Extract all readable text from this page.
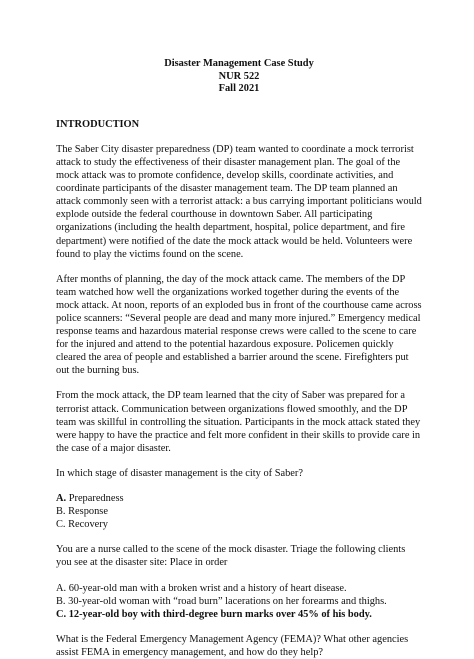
Disaster Management Case Study
NUR 522
Fall 2021
INTRODUCTION

The Saber City disaster preparedness (DP) team wanted to coordinate a mock terrorist attack to study the effectiveness of their disaster management plan. The goal of the mock attack was to promote confidence, develop skills, coordinate activities, and coordinate participants of the disaster management team. The DP team planned an attack commonly seen with a terrorist attack: a bus carrying important politicians would explode outside the federal courthouse in downtown Saber. All participating organizations (including the health department, hospital, police department, and fire department) were notified of the date the mock attack would be held. Volunteers were found to play the victims found on the scene.

After months of planning, the day of the mock attack came. The members of the DP team watched how well the organizations worked together during the events of the mock attack. At noon, reports of an exploded bus in front of the courthouse came across police scanners: “Several people are dead and many more injured.” Emergency medical response teams and hazardous material response crews were called to the scene to care for the injured and attend to the potential hazardous exposure. Policemen quickly cleared the area of people and established a barrier around the scene. Firefighters put out the burning bus.

From the mock attack, the DP team learned that the city of Saber was prepared for a terrorist attack. Communication between organizations flowed smoothly, and the DP team was skillful in controlling the situation. Participants in the mock attack stated they were happy to have the practice and felt more confident in their skills to provide care in the case of a major disaster.

In which stage of disaster management is the city of Saber?

A. Preparedness
B. Response
C. Recovery

You are a nurse called to the scene of the mock disaster. Triage the following clients you see at the disaster site: Place in order

A. 60-year-old man with a broken wrist and a history of heart disease.
B. 30-year-old woman with “road burn” lacerations on her forearms and thighs.
C. 12-year-old boy with third-degree burn marks over 45% of his body.

What is the Federal Emergency Management Agency (FEMA)? What other agencies assist FEMA in emergency management, and how do they help?
